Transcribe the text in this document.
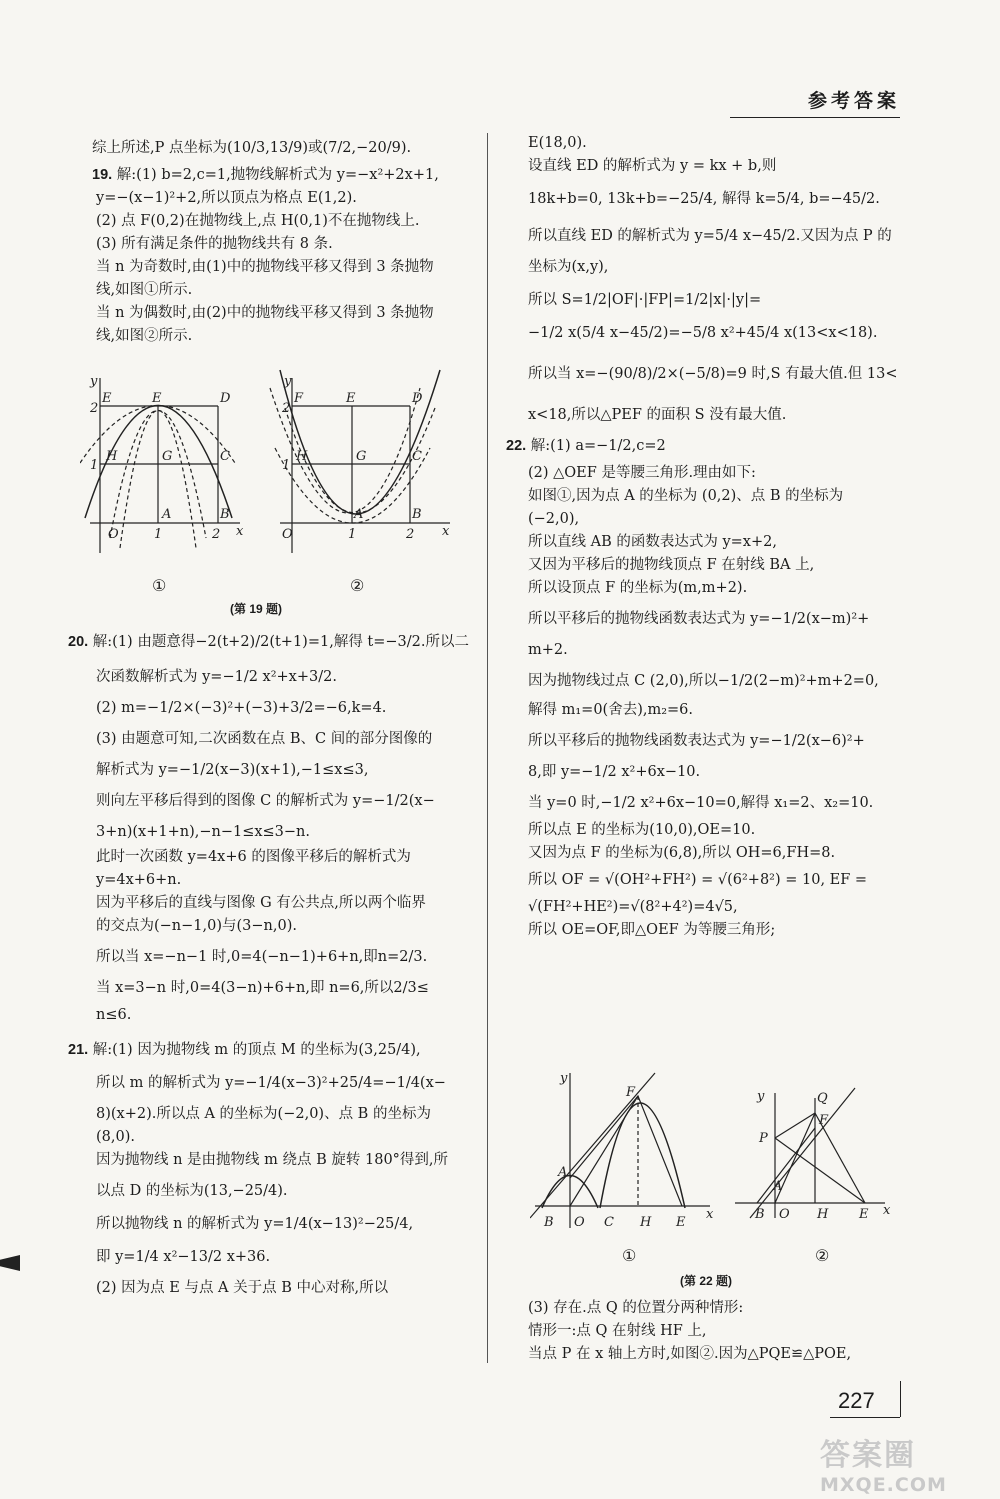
参考答案

综上所述,P 点坐标为(10/3,13/9)或(7/2,−20/9).

19. 解:(1) b=2,c=1,抛物线解析式为 y=−x²+2x+1,

y=−(x−1)²+2,所以顶点为格点 E(1,2).

(2) 点 F(0,2)在抛物线上,点 H(0,1)不在抛物线上.

(3) 所有满足条件的抛物线共有 8 条.

当 n 为奇数时,由(1)中的抛物线平移又得到 3 条抛物

线,如图①所示.

当 n 为偶数时,由(2)中的抛物线平移又得到 3 条抛物

线,如图②所示.

y
2
1
E	E	D
H	G	C
A	B
O	1	2 x
y
2
1
F	E	D
H	G	C
A	B
O	1	2 x
①	②
(第 19 题)

20. 解:(1) 由题意得−2(t+2)/2(t+1)=1,解得 t=−3/2.所以二

次函数解析式为 y=−1/2 x²+x+3/2.

(2) m=−1/2×(−3)²+(−3)+3/2=−6,k=4.

(3) 由题意可知,二次函数在点 B、C 间的部分图像的

解析式为 y=−1/2(x−3)(x+1),−1≤x≤3,

则向左平移后得到的图像 C 的解析式为 y=−1/2(x−

3+n)(x+1+n),−n−1≤x≤3−n.

此时一次函数 y=4x+6 的图像平移后的解析式为

y=4x+6+n.

因为平移后的直线与图像 G 有公共点,所以两个临界

的交点为(−n−1,0)与(3−n,0).

所以当 x=−n−1 时,0=4(−n−1)+6+n,即n=2/3.

当 x=3−n 时,0=4(3−n)+6+n,即 n=6,所以2/3≤

n≤6.

21. 解:(1) 因为抛物线 m 的顶点 M 的坐标为(3,25/4),

所以 m 的解析式为 y=−1/4(x−3)²+25/4=−1/4(x−

8)(x+2).所以点 A 的坐标为(−2,0)、点 B 的坐标为

(8,0).

因为抛物线 n 是由抛物线 m 绕点 B 旋转 180°得到,所

以点 D 的坐标为(13,−25/4).

所以抛物线 n 的解析式为 y=1/4(x−13)²−25/4,

即 y=1/4 x²−13/2 x+36.

(2) 因为点 E 与点 A 关于点 B 中心对称,所以

E(18,0).

设直线 ED 的解析式为 y = kx + b,则

18k+b=0, 13k+b=−25/4, 解得 k=5/4, b=−45/2.

所以直线 ED 的解析式为 y=5/4 x−45/2.又因为点 P 的

坐标为(x,y),

所以 S=1/2|OF|·|FP|=1/2|x|·|y|=

−1/2 x(5/4 x−45/2)=−5/8 x²+45/4 x(13<x<18).

所以当 x=−(90/8)/2×(−5/8)=9 时,S 有最大值.但 13<

x<18,所以△PEF 的面积 S 没有最大值.

22. 解:(1) a=−1/2,c=2

(2) △OEF 是等腰三角形.理由如下:

如图①,因为点 A 的坐标为 (0,2)、点 B 的坐标为

(−2,0),

所以直线 AB 的函数表达式为 y=x+2,

又因为平移后的抛物线顶点 F 在射线 BA 上,

所以设顶点 F 的坐标为(m,m+2).

所以平移后的抛物线函数表达式为 y=−1/2(x−m)²+

m+2.

因为抛物线过点 C (2,0),所以−1/2(2−m)²+m+2=0,

解得 m₁=0(舍去),m₂=6.

所以平移后的抛物线函数表达式为 y=−1/2(x−6)²+

8,即 y=−1/2 x²+6x−10.

当 y=0 时,−1/2 x²+6x−10=0,解得 x₁=2、x₂=10.

所以点 E 的坐标为(10,0),OE=10.

又因为点 F 的坐标为(6,8),所以 OH=6,FH=8.

所以 OF = √(OH²+FH²) = √(6²+8²) = 10, EF =

√(FH²+HE²)=√(8²+4²)=4√5,

所以 OE=OF,即△OEF 为等腰三角形;

y
F
A
B O C H E
x
y	Q
F
P
A
B O H E x
①	②
(第 22 题)

(3) 存在.点 Q 的位置分两种情形:

情形一:点 Q 在射线 HF 上,

当点 P 在 x 轴上方时,如图②.因为△PQE≌△POE,

227
答案圈
MXQE.COM
